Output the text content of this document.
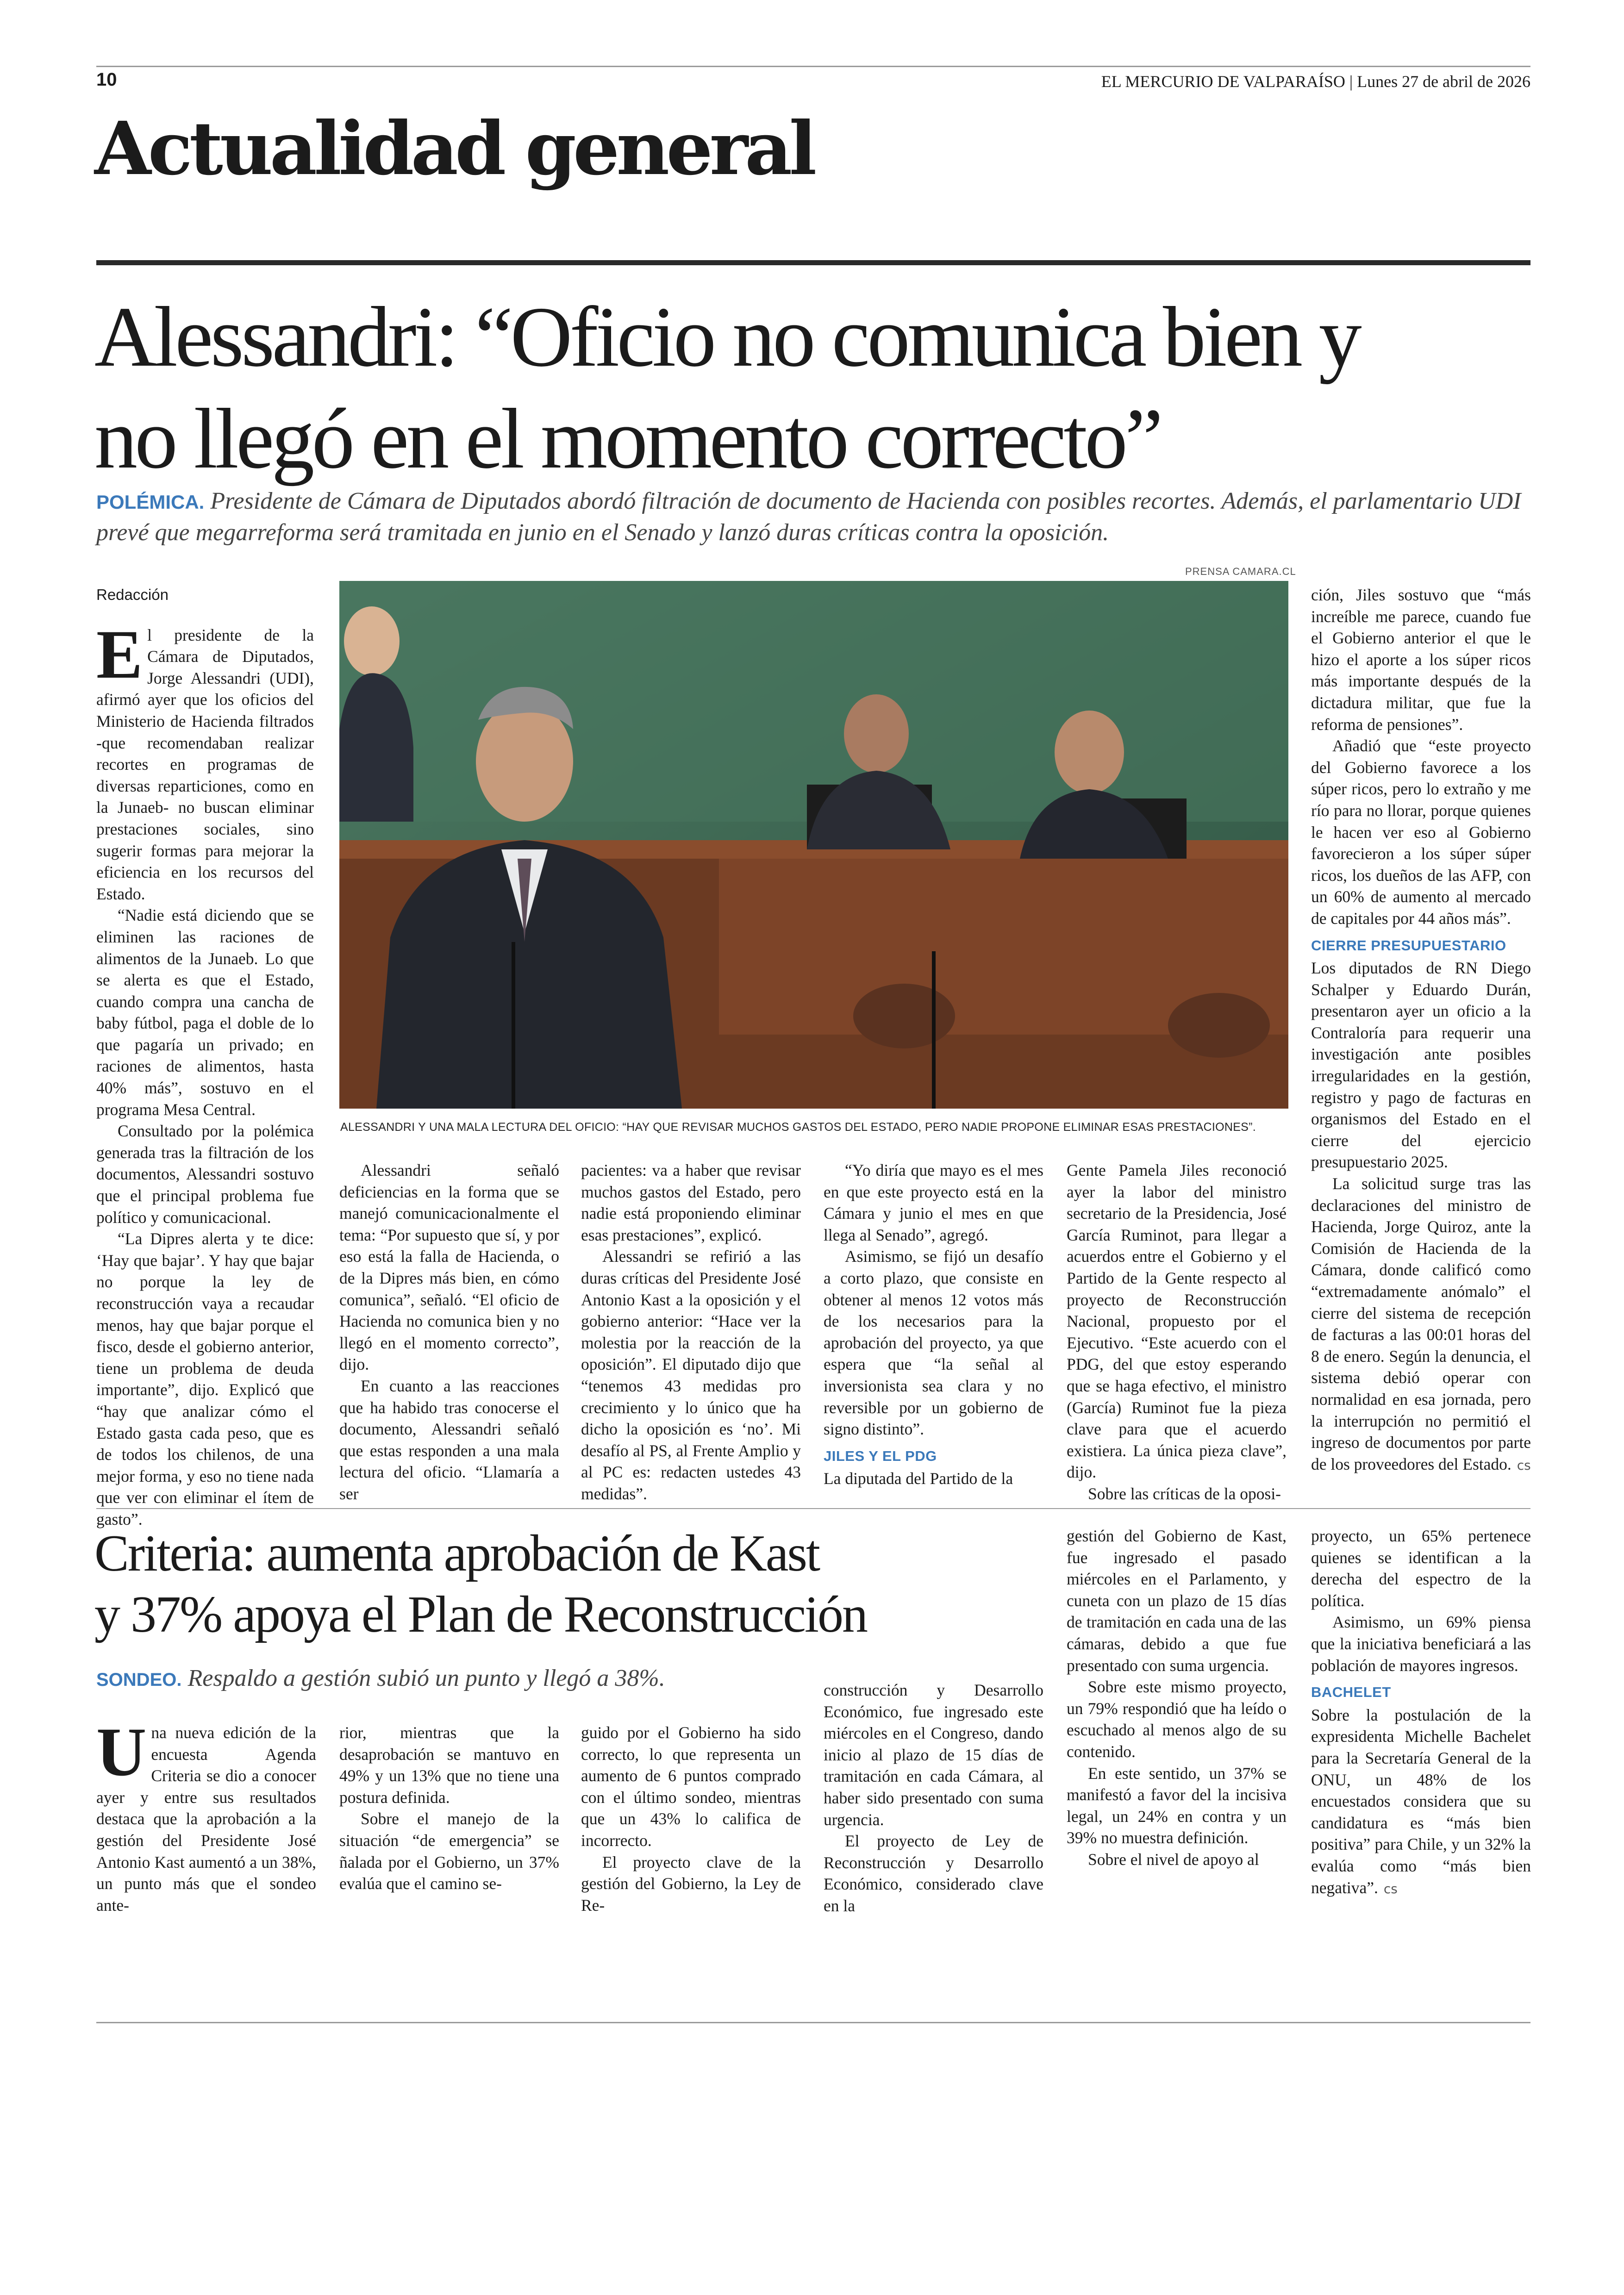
10	EL MERCURIO DE VALPARAÍSO | Lunes 27 de abril de 2026
Actualidad general
Alessandri: “Oficio no comunica bien y
no llegó en el momento correcto”
POLÉMICA. Presidente de Cámara de Diputados abordó filtración de documento de Hacienda con posibles recortes. Además, el parlamentario UDI prevé que megarreforma será tramitada en junio en el Senado y lanzó duras críticas contra la oposición.
PRENSA CAMARA.CL
ALESSANDRI Y UNA MALA LECTURA DEL OFICIO: “HAY QUE REVISAR MUCHOS GASTOS DEL ESTADO, PERO NADIE PROPONE ELIMINAR ESAS PRESTACIONES”.

Redacción

El presidente de la Cámara de Diputados, Jorge Alessandri (UDI), afirmó ayer que los oficios del Ministerio de Hacienda filtrados -que recomendaban realizar recortes en programas de diversas reparticiones, como en la Junaeb- no buscan eliminar prestaciones sociales, sino sugerir formas para mejorar la eficiencia en los recursos del Estado.

“Nadie está diciendo que se eliminen las raciones de alimentos de la Junaeb. Lo que se alerta es que el Estado, cuando compra una cancha de baby fútbol, paga el doble de lo que pagaría un privado; en raciones de alimentos, hasta 40% más”, sostuvo en el programa Mesa Central.

Consultado por la polémica generada tras la filtración de los documentos, Alessandri sostuvo que el principal problema fue político y comunicacional.

“La Dipres alerta y te dice: ‘Hay que bajar’. Y hay que bajar no porque la ley de reconstrucción vaya a recaudar menos, hay que bajar porque el fisco, desde el gobierno anterior, tiene un problema de deuda importante”, dijo. Explicó que “hay que analizar cómo el Estado gasta cada peso, que es de todos los chilenos, de una mejor forma, y eso no tiene nada que ver con eliminar el ítem de gasto”.

Alessandri señaló deficiencias en la forma que se manejó comunicacionalmente el tema: “Por supuesto que sí, y por eso está la falla de Hacienda, o de la Dipres más bien, en cómo comunica”, señaló. “El oficio de Hacienda no comunica bien y no llegó en el momento correcto”, dijo.

En cuanto a las reacciones que ha habido tras conocerse el documento, Alessandri señaló que estas responden a una mala lectura del oficio. “Llamaría a ser

pacientes: va a haber que revisar muchos gastos del Estado, pero nadie está proponiendo eliminar esas prestaciones”, explicó.

Alessandri se refirió a las duras críticas del Presidente José Antonio Kast a la oposición y el gobierno anterior: “Hace ver la molestia por la reacción de la oposición”. El diputado dijo que “tenemos 43 medidas pro crecimiento y lo único que ha dicho la oposición es ‘no’. Mi desafío al PS, al Frente Amplio y al PC es: redacten ustedes 43 medidas”.

“Yo diría que mayo es el mes en que este proyecto está en la Cámara y junio el mes en que llega al Senado”, agregó.

Asimismo, se fijó un desafío a corto plazo, que consiste en obtener al menos 12 votos más de los necesarios para la aprobación del proyecto, ya que espera que “la señal al inversionista sea clara y no reversible por un gobierno de signo distinto”.

JILES Y EL PDG

La diputada del Partido de la

Gente Pamela Jiles reconoció ayer la labor del ministro secretario de la Presidencia, José García Ruminot, para llegar a acuerdos entre el Gobierno y el Partido de la Gente respecto al proyecto de Reconstrucción Nacional, propuesto por el Ejecutivo. “Este acuerdo con el PDG, del que estoy esperando que se haga efectivo, el ministro (García) Ruminot fue la pieza clave para que el acuerdo existiera. La única pieza clave”, dijo.

Sobre las críticas de la oposi-

ción, Jiles sostuvo que “más increíble me parece, cuando fue el Gobierno anterior el que le hizo el aporte a los súper ricos más importante después de la dictadura militar, que fue la reforma de pensiones”.

Añadió que “este proyecto del Gobierno favorece a los súper ricos, pero lo extraño y me río para no llorar, porque quienes le hacen ver eso al Gobierno favorecieron a los súper súper ricos, los dueños de las AFP, con un 60% de aumento al mercado de capitales por 44 años más”.

CIERRE PRESUPUESTARIO

Los diputados de RN Diego Schalper y Eduardo Durán, presentaron ayer un oficio a la Contraloría para requerir una investigación ante posibles irregularidades en la gestión, registro y pago de facturas en organismos del Estado en el cierre del ejercicio presupuestario 2025.

La solicitud surge tras las declaraciones del ministro de Hacienda, Jorge Quiroz, ante la Comisión de Hacienda de la Cámara, donde calificó como “extremadamente anómalo” el cierre del sistema de recepción de facturas a las 00:01 horas del 8 de enero. Según la denuncia, el sistema debió operar con normalidad en esa jornada, pero la interrupción no permitió el ingreso de documentos por parte de los proveedores del Estado. cs

Criteria: aumenta aprobación de Kast
y 37% apoya el Plan de Reconstrucción
SONDEO. Respaldo a gestión subió un punto y llegó a 38%.

Una nueva edición de la encuesta Agenda Criteria se dio a conocer ayer y entre sus resultados destaca que la aprobación a la gestión del Presidente José Antonio Kast aumentó a un 38%, un punto más que el sondeo ante-

rior, mientras que la desaprobación se mantuvo en 49% y un 13% que no tiene una postura definida.

Sobre el manejo de la situación “de emergencia” se ñalada por el Gobierno, un 37% evalúa que el camino se-

guido por el Gobierno ha sido correcto, lo que representa un aumento de 6 puntos comprado con el último sondeo, mientras que un 43% lo califica de incorrecto.

El proyecto clave de la gestión del Gobierno, la Ley de Re-

construcción y Desarrollo Económico, fue ingresado este miércoles en el Congreso, dando inicio al plazo de 15 días de tramitación en cada Cámara, al haber sido presentado con suma urgencia.

El proyecto de Ley de Reconstrucción y Desarrollo Económico, considerado clave en la

gestión del Gobierno de Kast, fue ingresado el pasado miércoles en el Parlamento, y cuneta con un plazo de 15 días de tramitación en cada una de las cámaras, debido a que fue presentado con suma urgencia.

Sobre este mismo proyecto, un 79% respondió que ha leído o escuchado al menos algo de su contenido.

En este sentido, un 37% se manifestó a favor del la incisiva legal, un 24% en contra y un 39% no muestra definición.

Sobre el nivel de apoyo al

proyecto, un 65% pertenece quienes se identifican a la derecha del espectro de la política.

Asimismo, un 69% piensa que la iniciativa beneficiará a las población de mayores ingresos.

BACHELET

Sobre la postulación de la expresidenta Michelle Bachelet para la Secretaría General de la ONU, un 48% de los encuestados considera que su candidatura es “más bien positiva” para Chile, y un 32% la evalúa como “más bien negativa”. cs
